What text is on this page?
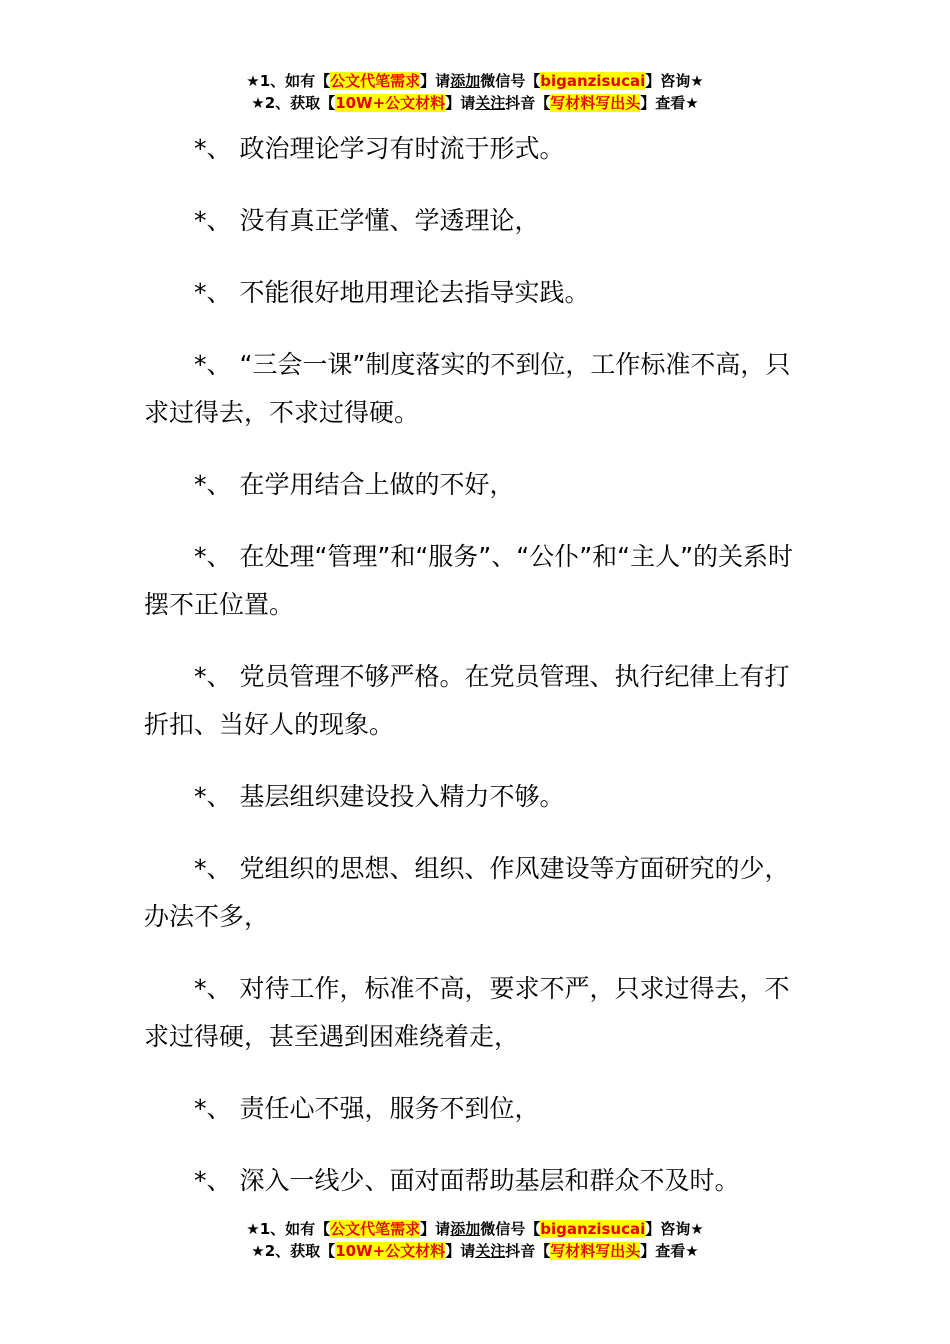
★1、如有【公文代笔需求】请添加微信号【biganzisucai】咨询★
★2、获取【10W+公文材料】请关注抖音【写材料写出头】查看★

*、 政治理论学习有时流于形式。

*、 没有真正学懂、学透理论，

*、 不能很好地用理论去指导实践。

*、 “三会一课”制度落实的不到位，工作标准不高，只求过得去，不求过得硬。

*、 在学用结合上做的不好，

*、 在处理“管理”和“服务”、“公仆”和“主人”的关系时摆不正位置。

*、 党员管理不够严格。在党员管理、执行纪律上有打折扣、当好人的现象。

*、 基层组织建设投入精力不够。

*、 党组织的思想、组织、作风建设等方面研究的少，办法不多，

*、 对待工作，标准不高，要求不严，只求过得去，不求过得硬，甚至遇到困难绕着走，

*、 责任心不强，服务不到位，

*、 深入一线少、面对面帮助基层和群众不及时。

★1、如有【公文代笔需求】请添加微信号【biganzisucai】咨询★
★2、获取【10W+公文材料】请关注抖音【写材料写出头】查看★
